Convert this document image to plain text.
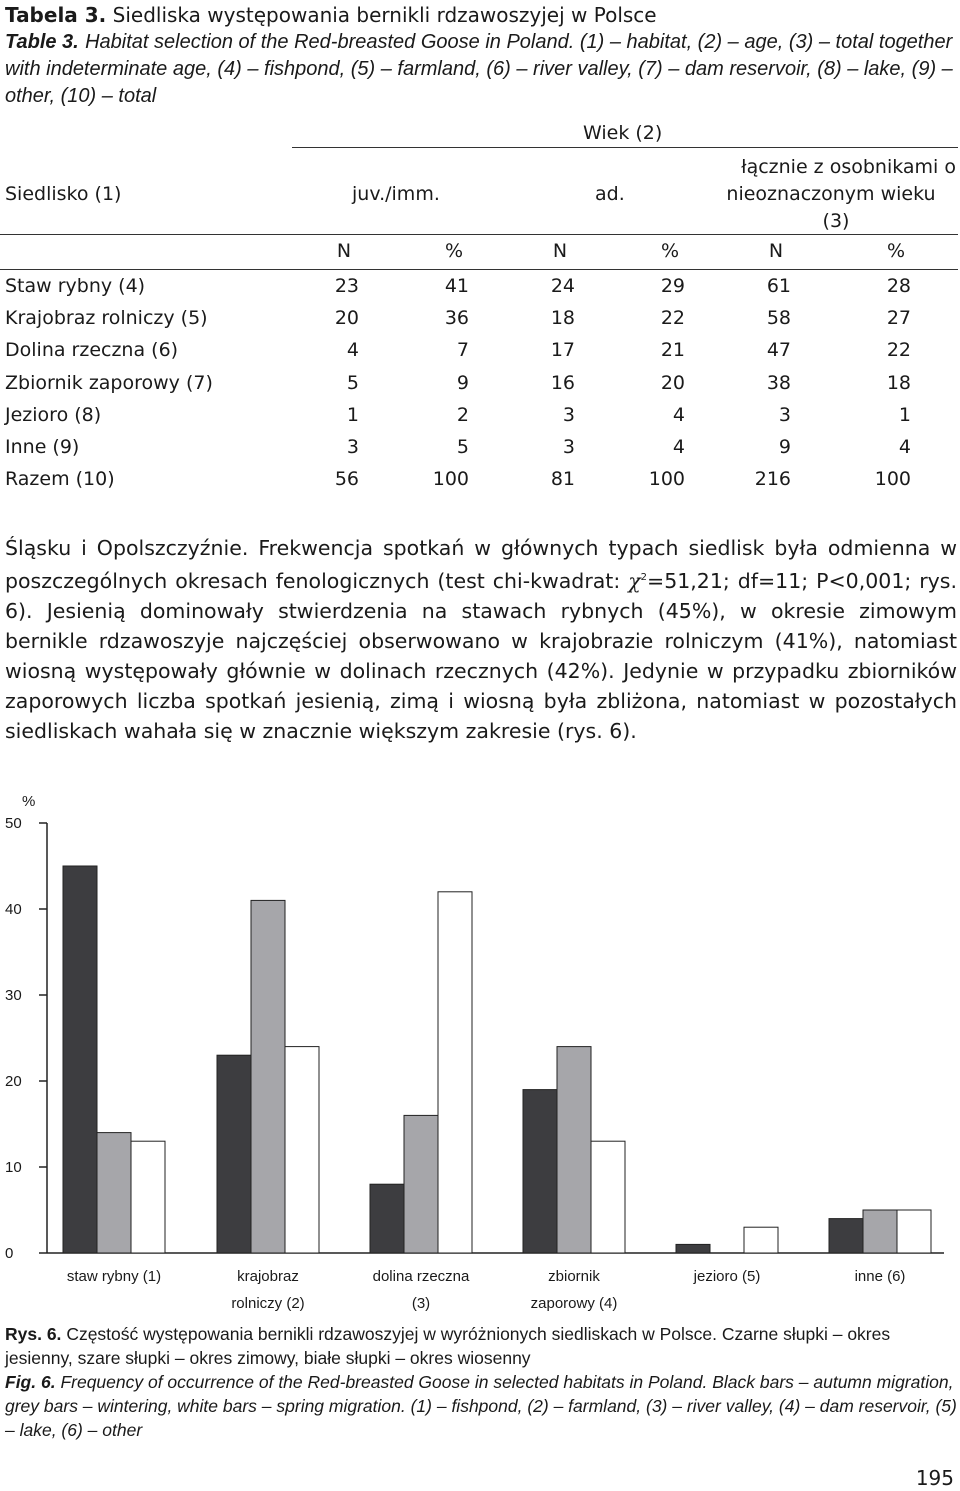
Tabela 3. Siedliska występowania bernikli rdzawoszyjej w Polsce
Table 3. Habitat selection of the Red-breasted Goose in Poland. (1) – habitat, (2) – age, (3) – total together with indeterminate age, (4) – fishpond, (5) – farmland, (6) – river valley, (7) – dam reservoir, (8) – lake, (9) – other, (10) – total
Wiek (2)
Siedlisko (1)	juv./imm.	ad.
łącznie z osobnikami o
nieoznaczonym wieku
(3)
N	%	N	%	N	%
Staw rybny (4)	23	41	24	29	61	28
Krajobraz rolniczy (5)	20	36	18	22	58	27
Dolina rzeczna (6)	4	7	17	21	47	22
Zbiornik zaporowy (7)	5	9	16	20	38	18
Jezioro (8)	1	2	3	4	3	1
Inne (9)	3	5	3	4	9	4
Razem (10)	56	100	81	100	216	100
Śląsku i Opolszczyźnie. Frekwencja spotkań w głównych typach siedlisk była odmienna w poszczególnych okresach fenologicznych (test chi-kwadrat: $\chi^2=51,21$; df=11; P<0,001; rys. 6). Jesienią dominowały stwierdzenia na stawach rybnych (45%), w okresie zimowym bernikle rdzawoszyje najczęściej obserwowano w krajobrazie rolniczym (41%), natomiast wiosną występowały głównie w dolinach rzecznych (42%). Jedynie w przypadku zbiorników zaporowych liczba spotkań jesienią, zimą i wiosną była zbliżona, natomiast w pozostałych siedliskach wahała się w znacznie większym zakresie (rys. 6).
%
0
10
20
30
40
50
staw rybny (1)	krajobraz
rolniczy (2)
dolina rzeczna
(3)
zbiornik
zaporowy (4)
jezioro (5)	inne (6)
Rys. 6. Częstość występowania bernikli rdzawoszyjej w wyróżnionych siedliskach w Polsce. Czarne słupki – okres jesienny, szare słupki – okres zimowy, białe słupki – okres wiosenny
Fig. 6. Frequency of occurrence of the Red-breasted Goose in selected habitats in Poland. Black bars – autumn migration, grey bars – wintering, white bars – spring migration. (1) – fishpond, (2) – farmland, (3) – river valley, (4) – dam reservoir, (5) – lake, (6) – other
195
